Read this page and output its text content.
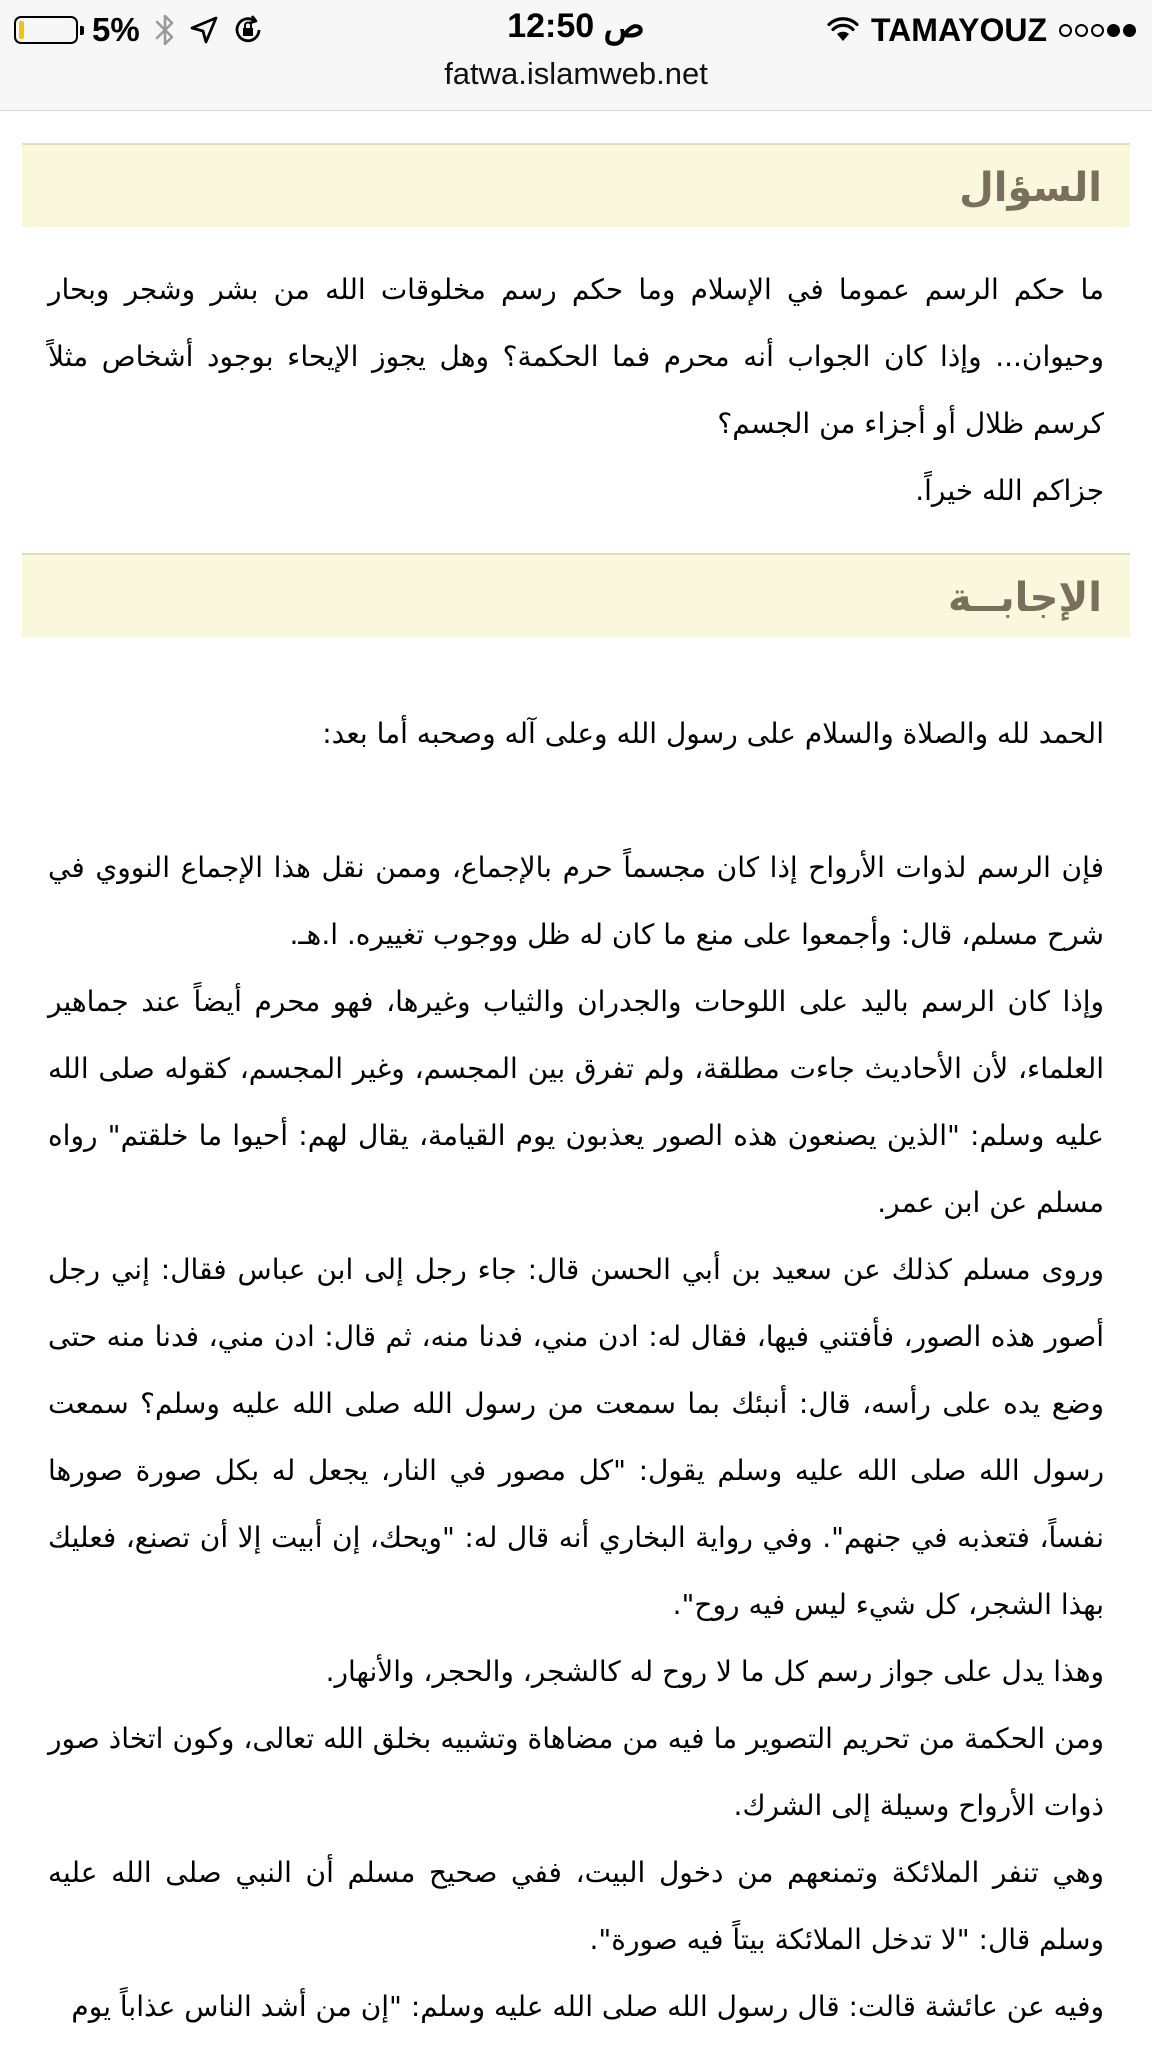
5%	12:50 ص	TAMAYOUZ
fatwa.islamweb.net
السؤال

ما حكم الرسم عموما في الإسلام وما حكم رسم مخلوقات الله من بشر وشجر وبحار وحيوان... وإذا كان الجواب أنه محرم فما الحكمة؟ وهل يجوز الإيحاء بوجود أشخاص مثلاً كرسم ظلال أو أجزاء من الجسم؟

جزاكم الله خيراً.

الإجابــة

الحمد لله والصلاة والسلام على رسول الله وعلى آله وصحبه أما بعد:

فإن الرسم لذوات الأرواح إذا كان مجسماً حرم بالإجماع، وممن نقل هذا الإجماع النووي في شرح مسلم، قال: وأجمعوا على منع ما كان له ظل ووجوب تغييره. ا.هـ.

وإذا كان الرسم باليد على اللوحات والجدران والثياب وغيرها، فهو محرم أيضاً عند جماهير العلماء، لأن الأحاديث جاءت مطلقة، ولم تفرق بين المجسم، وغير المجسم، كقوله صلى الله عليه وسلم: "الذين يصنعون هذه الصور يعذبون يوم القيامة، يقال لهم: أحيوا ما خلقتم" رواه مسلم عن ابن عمر.

وروى مسلم كذلك عن سعيد بن أبي الحسن قال: جاء رجل إلى ابن عباس فقال: إني رجل أصور هذه الصور، فأفتني فيها، فقال له: ادن مني، فدنا منه، ثم قال: ادن مني، فدنا منه حتى وضع يده على رأسه، قال: أنبئك بما سمعت من رسول الله صلى الله عليه وسلم؟ سمعت رسول الله صلى الله عليه وسلم يقول: "كل مصور في النار، يجعل له بكل صورة صورها نفساً، فتعذبه في جنهم". وفي رواية البخاري أنه قال له: "ويحك، إن أبيت إلا أن تصنع، فعليك بهذا الشجر، كل شيء ليس فيه روح".

وهذا يدل على جواز رسم كل ما لا روح له كالشجر، والحجر، والأنهار.

ومن الحكمة من تحريم التصوير ما فيه من مضاهاة وتشبيه بخلق الله تعالى، وكون اتخاذ صور ذوات الأرواح وسيلة إلى الشرك.

وهي تنفر الملائكة وتمنعهم من دخول البيت، ففي صحيح مسلم أن النبي صلى الله عليه وسلم قال: "لا تدخل الملائكة بيتاً فيه صورة".

وفيه عن عائشة قالت: قال رسول الله صلى الله عليه وسلم: "إن من أشد الناس عذاباً يوم
